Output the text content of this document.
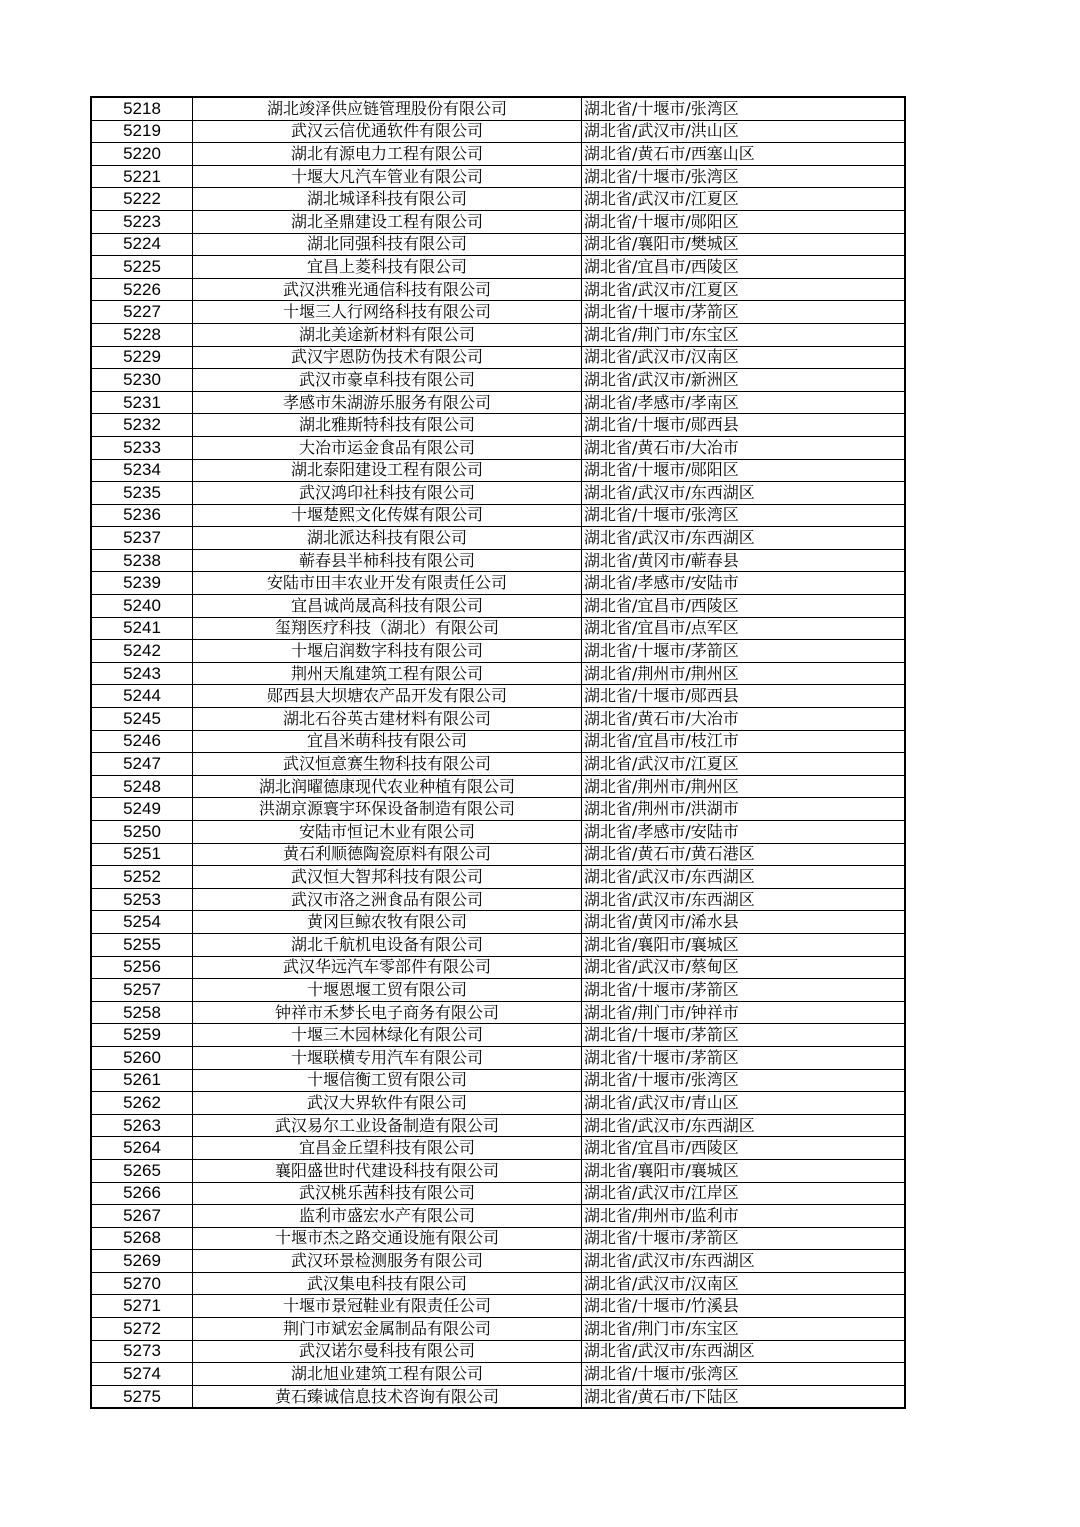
5218	湖北竣泽供应链管理股份有限公司	湖北省/十堰市/张湾区
5219	武汉云信优通软件有限公司	湖北省/武汉市/洪山区
5220	湖北有源电力工程有限公司	湖北省/黄石市/西塞山区
5221	十堰大凡汽车管业有限公司	湖北省/十堰市/张湾区
5222	湖北城译科技有限公司	湖北省/武汉市/江夏区
5223	湖北圣鼎建设工程有限公司	湖北省/十堰市/郧阳区
5224	湖北同强科技有限公司	湖北省/襄阳市/樊城区
5225	宜昌上菱科技有限公司	湖北省/宜昌市/西陵区
5226	武汉洪雅光通信科技有限公司	湖北省/武汉市/江夏区
5227	十堰三人行网络科技有限公司	湖北省/十堰市/茅箭区
5228	湖北美途新材料有限公司	湖北省/荆门市/东宝区
5229	武汉宇恩防伪技术有限公司	湖北省/武汉市/汉南区
5230	武汉市豪卓科技有限公司	湖北省/武汉市/新洲区
5231	孝感市朱湖游乐服务有限公司	湖北省/孝感市/孝南区
5232	湖北雅斯特科技有限公司	湖北省/十堰市/郧西县
5233	大冶市运金食品有限公司	湖北省/黄石市/大冶市
5234	湖北泰阳建设工程有限公司	湖北省/十堰市/郧阳区
5235	武汉鸿印社科技有限公司	湖北省/武汉市/东西湖区
5236	十堰楚熙文化传媒有限公司	湖北省/十堰市/张湾区
5237	湖北派达科技有限公司	湖北省/武汉市/东西湖区
5238	蕲春县半柿科技有限公司	湖北省/黄冈市/蕲春县
5239	安陆市田丰农业开发有限责任公司	湖北省/孝感市/安陆市
5240	宜昌诚尚晟高科技有限公司	湖北省/宜昌市/西陵区
5241	玺翔医疗科技（湖北）有限公司	湖北省/宜昌市/点军区
5242	十堰启润数字科技有限公司	湖北省/十堰市/茅箭区
5243	荆州天胤建筑工程有限公司	湖北省/荆州市/荆州区
5244	郧西县大坝塘农产品开发有限公司	湖北省/十堰市/郧西县
5245	湖北石谷英古建材料有限公司	湖北省/黄石市/大冶市
5246	宜昌米萌科技有限公司	湖北省/宜昌市/枝江市
5247	武汉恒意赛生物科技有限公司	湖北省/武汉市/江夏区
5248	湖北润曜德康现代农业种植有限公司	湖北省/荆州市/荆州区
5249	洪湖京源寰宇环保设备制造有限公司	湖北省/荆州市/洪湖市
5250	安陆市恒记木业有限公司	湖北省/孝感市/安陆市
5251	黄石利顺德陶瓷原料有限公司	湖北省/黄石市/黄石港区
5252	武汉恒大智邦科技有限公司	湖北省/武汉市/东西湖区
5253	武汉市洛之洲食品有限公司	湖北省/武汉市/东西湖区
5254	黄冈巨鲸农牧有限公司	湖北省/黄冈市/浠水县
5255	湖北千航机电设备有限公司	湖北省/襄阳市/襄城区
5256	武汉华远汽车零部件有限公司	湖北省/武汉市/蔡甸区
5257	十堰恩堰工贸有限公司	湖北省/十堰市/茅箭区
5258	钟祥市禾梦长电子商务有限公司	湖北省/荆门市/钟祥市
5259	十堰三木园林绿化有限公司	湖北省/十堰市/茅箭区
5260	十堰联横专用汽车有限公司	湖北省/十堰市/茅箭区
5261	十堰信衡工贸有限公司	湖北省/十堰市/张湾区
5262	武汉大界软件有限公司	湖北省/武汉市/青山区
5263	武汉易尔工业设备制造有限公司	湖北省/武汉市/东西湖区
5264	宜昌金丘望科技有限公司	湖北省/宜昌市/西陵区
5265	襄阳盛世时代建设科技有限公司	湖北省/襄阳市/襄城区
5266	武汉桃乐茜科技有限公司	湖北省/武汉市/江岸区
5267	监利市盛宏水产有限公司	湖北省/荆州市/监利市
5268	十堰市杰之路交通设施有限公司	湖北省/十堰市/茅箭区
5269	武汉环景检测服务有限公司	湖北省/武汉市/东西湖区
5270	武汉集电科技有限公司	湖北省/武汉市/汉南区
5271	十堰市景冠鞋业有限责任公司	湖北省/十堰市/竹溪县
5272	荆门市斌宏金属制品有限公司	湖北省/荆门市/东宝区
5273	武汉诺尔曼科技有限公司	湖北省/武汉市/东西湖区
5274	湖北旭业建筑工程有限公司	湖北省/十堰市/张湾区
5275	黄石臻诚信息技术咨询有限公司	湖北省/黄石市/下陆区
